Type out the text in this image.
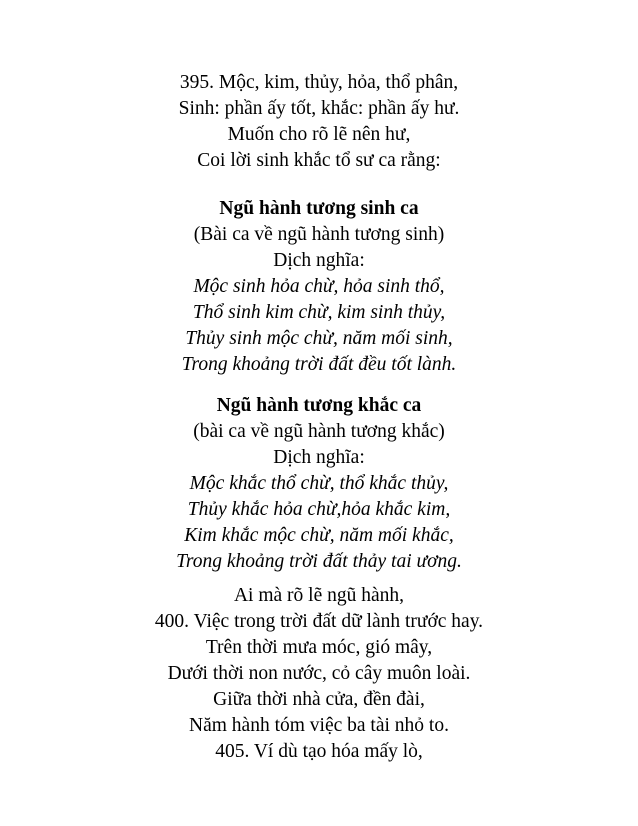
395. Mộc, kim, thủy, hỏa, thổ phân,
Sinh: phần ấy tốt, khắc: phần ấy hư.
Muốn cho rõ lẽ nên hư,
Coi lời sinh khắc tổ sư ca rằng:
Ngũ hành tương sinh ca
(Bài ca về ngũ hành tương sinh)
Dịch nghĩa:
Mộc sinh hỏa chừ, hỏa sinh thổ,
Thổ sinh kim chừ, kim sinh thủy,
Thủy sinh mộc chừ, năm mối sinh,
Trong khoảng trời đất đều tốt lành.
Ngũ hành tương khắc ca
(bài ca về ngũ hành tương khắc)
Dịch nghĩa:
Mộc khắc thổ chừ, thổ khắc thủy,
Thủy khắc hỏa chừ,hỏa khắc kim,
Kim khắc mộc chừ, năm mối khắc,
Trong khoảng trời đất thảy tai ương.
Ai mà rõ lẽ ngũ hành,
400. Việc trong trời đất dữ lành trước hay.
Trên thời mưa móc, gió mây,
Dưới thời non nước, cỏ cây muôn loài.
Giữa thời nhà cửa, đền đài,
Năm hành tóm việc ba tài nhỏ to.
405. Ví dù tạo hóa mấy lò,
